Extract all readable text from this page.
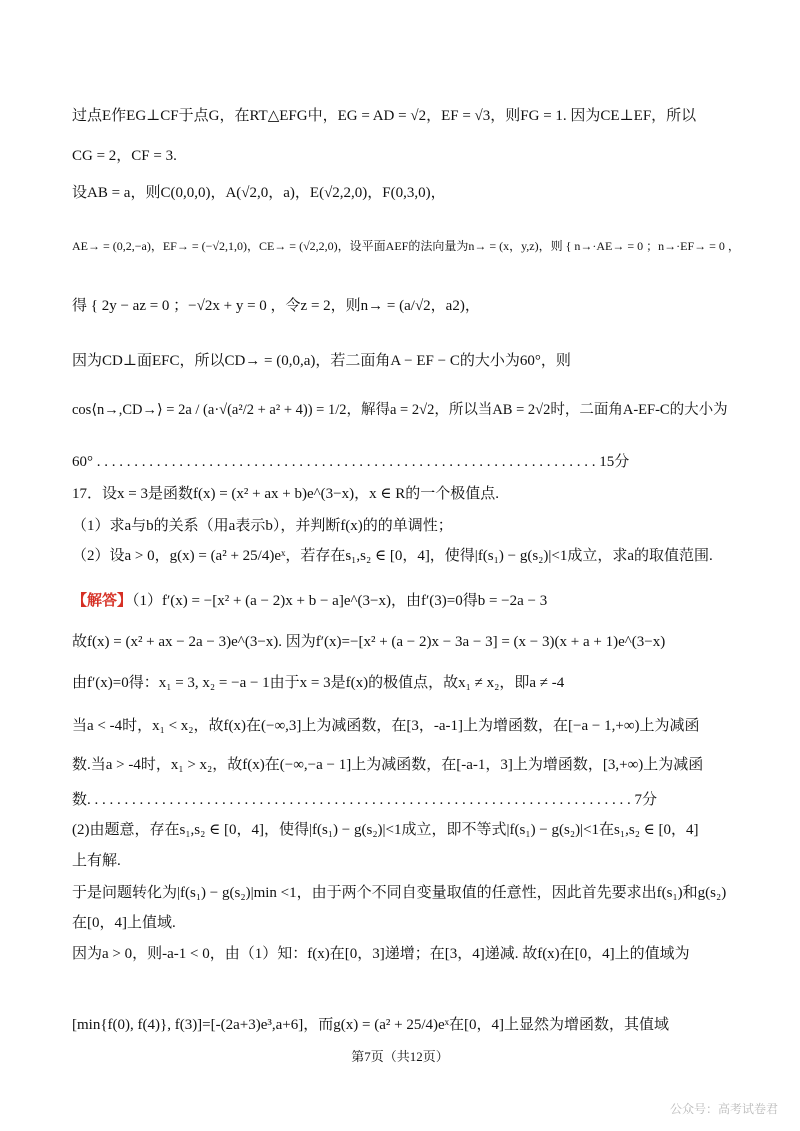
过点E作EG⊥CF于点G，在RT△EFG中，EG = AD = √2，EF = √3，则FG = 1. 因为CE⊥EF，所以
CG = 2，CF = 3.
设AB = a，则C(0,0,0)，A(√2,0，a)，E(√2,2,0)，F(0,3,0)，
AE→ = (0,2,−a)，EF→ = (−√2,1,0)，CE→ = (√2,2,0)，设平面AEF的法向量为n→ = (x，y,z)，则 { n→·AE→ = 0 ；n→·EF→ = 0 ，
得 { 2y − az = 0 ；−√2x + y = 0 ，令z = 2，则n→ = (a/√2，a2)，
因为CD⊥面EFC，所以CD→ = (0,0,a)，若二面角A − EF − C的大小为60°，则
cos⟨n→,CD→⟩ = 2a / (a·√(a²/2 + a² + 4)) = 1/2，解得a = 2√2，所以当AB = 2√2时，二面角A-EF-C的大小为
60° . . . . . . . . . . . . . . . . . . . . . . . . . . . . . . . . . . . . . . . . . . . . . . . . . . . . . . . . . . . . . . . . . . . 15分
17．设x = 3是函数f(x) = (x² + ax + b)e^(3−x)，x ∈ R的一个极值点.
（1）求a与b的关系（用a表示b），并判断f(x)的的单调性；
（2）设a > 0，g(x) = (a² + 25/4)eˣ，若存在s₁,s₂ ∈ [0，4]，使得|f(s₁) − g(s₂)|<1成立，求a的取值范围.
【解答】（1）f′(x) = −[x² + (a − 2)x + b − a]e^(3−x)，由f′(3)=0得b = −2a − 3
故f(x) = (x² + ax − 2a − 3)e^(3−x). 因为f′(x)=−[x² + (a − 2)x − 3a − 3] = (x − 3)(x + a + 1)e^(3−x)
由f′(x)=0得：x₁ = 3, x₂ = −a − 1由于x = 3是f(x)的极值点，故x₁ ≠ x₂，即a ≠ -4
当a < -4时，x₁ < x₂，故f(x)在(−∞,3]上为减函数，在[3，-a-1]上为增函数，在[−a − 1,+∞)上为减函
数.当a > -4时，x₁ > x₂，故f(x)在(−∞,−a − 1]上为减函数，在[-a-1，3]上为增函数，[3,+∞)上为减函
数. . . . . . . . . . . . . . . . . . . . . . . . . . . . . . . . . . . . . . . . . . . . . . . . . . . . . . . . . . . . . . . . . . . . . . . . . 7分
(2)由题意，存在s₁,s₂ ∈ [0，4]，使得|f(s₁) − g(s₂)|<1成立，即不等式|f(s₁) − g(s₂)|<1在s₁,s₂ ∈ [0，4]
上有解.
于是问题转化为|f(s₁) − g(s₂)|min <1，由于两个不同自变量取值的任意性，因此首先要求出f(s₁)和g(s₂)
在[0，4]上值域.
因为a > 0，则-a-1 < 0，由（1）知：f(x)在[0，3]递增；在[3，4]递减. 故f(x)在[0，4]上的值域为
[min{f(0), f(4)}, f(3)]=[-(2a+3)e³,a+6]，而g(x) = (a² + 25/4)eˣ在[0，4]上显然为增函数，其值域
第7页（共12页）
公众号：高考试卷君
